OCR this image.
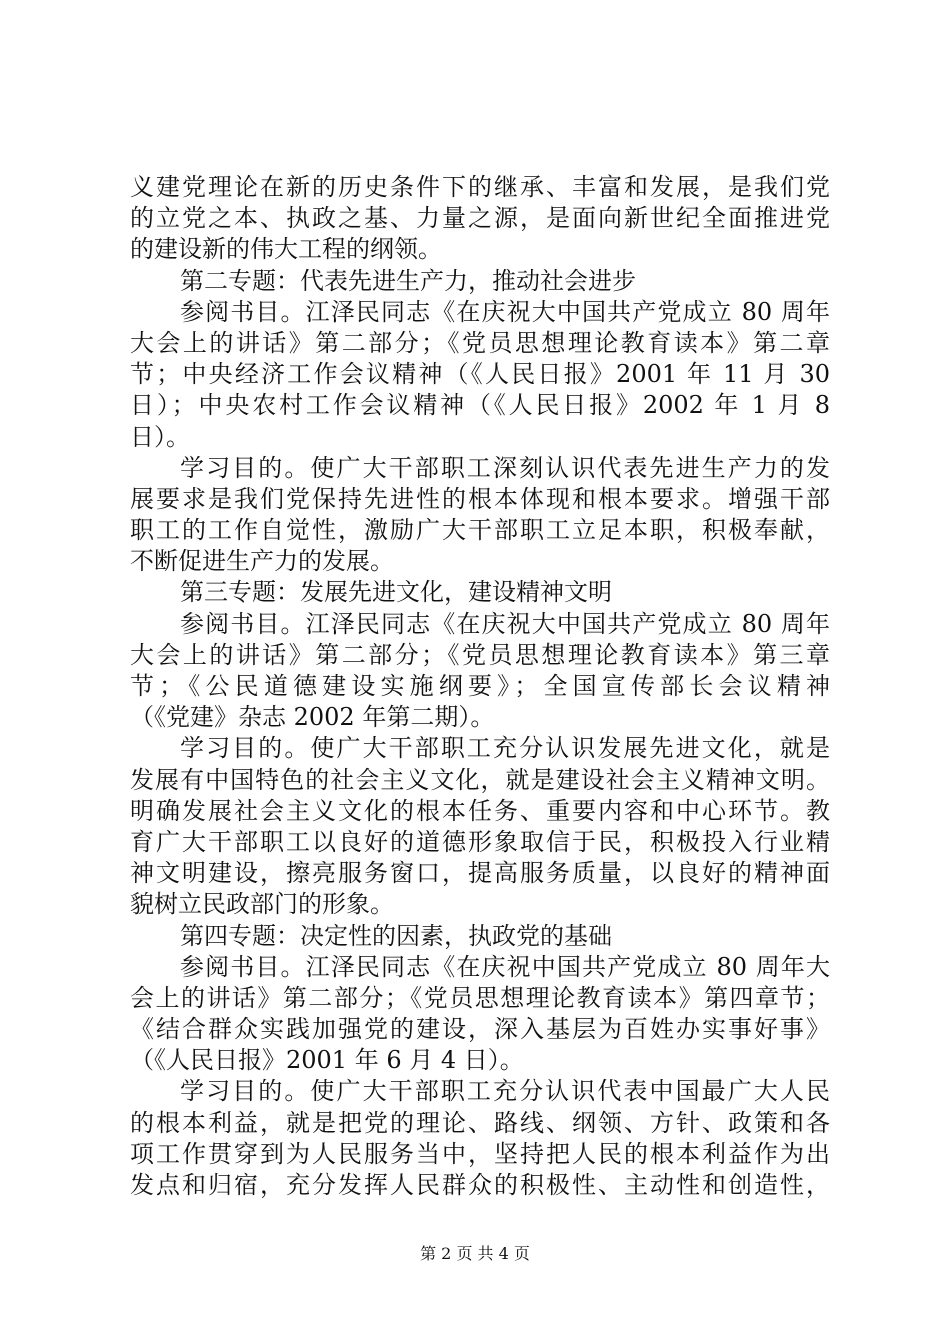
义建党理论在新的历史条件下的继承、丰富和发展，是我们党
的立党之本、执政之基、力量之源，是面向新世纪全面推进党
的建设新的伟大工程的纲领。
第二专题：代表先进生产力，推动社会进步
参阅书目。江泽民同志《在庆祝大中国共产党成立 80 周年
大会上的讲话》第二部分；《党员思想理论教育读本》第二章
节；中央经济工作会议精神（《人民日报》2001 年 11 月 30
日）；中央农村工作会议精神（《人民日报》2002 年 1 月 8
日）。
学习目的。使广大干部职工深刻认识代表先进生产力的发
展要求是我们党保持先进性的根本体现和根本要求。增强干部
职工的工作自觉性，激励广大干部职工立足本职，积极奉献，
不断促进生产力的发展。
第三专题：发展先进文化，建设精神文明
参阅书目。江泽民同志《在庆祝大中国共产党成立 80 周年
大会上的讲话》第二部分；《党员思想理论教育读本》第三章
节；《公民道德建设实施纲要》；全国宣传部长会议精神
（《党建》杂志 2002 年第二期）。
学习目的。使广大干部职工充分认识发展先进文化，就是
发展有中国特色的社会主义文化，就是建设社会主义精神文明。
明确发展社会主义文化的根本任务、重要内容和中心环节。教
育广大干部职工以良好的道德形象取信于民，积极投入行业精
神文明建设，擦亮服务窗口，提高服务质量，以良好的精神面
貌树立民政部门的形象。
第四专题：决定性的因素，执政党的基础
参阅书目。江泽民同志《在庆祝中国共产党成立 80 周年大
会上的讲话》第二部分；《党员思想理论教育读本》第四章节；
《结合群众实践加强党的建设，深入基层为百姓办实事好事》
（《人民日报》2001 年 6 月 4 日）。
学习目的。使广大干部职工充分认识代表中国最广大人民
的根本利益，就是把党的理论、路线、纲领、方针、政策和各
项工作贯穿到为人民服务当中，坚持把人民的根本利益作为出
发点和归宿，充分发挥人民群众的积极性、主动性和创造性，
第 2 页 共 4 页
